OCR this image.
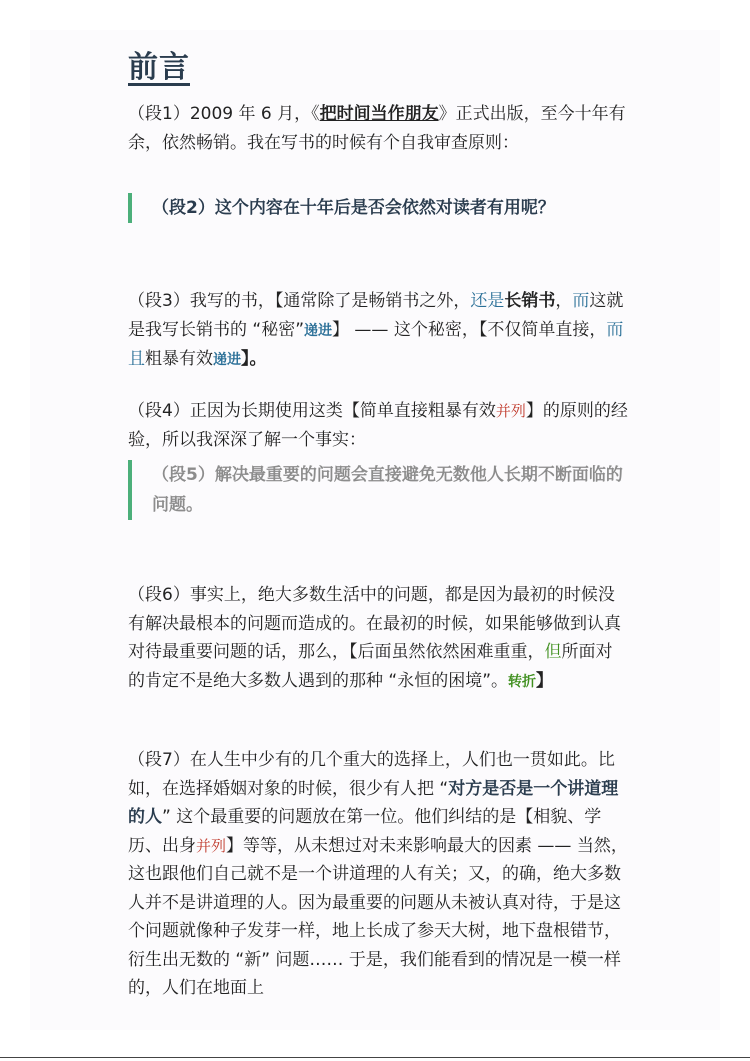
前言
（段1）2009 年 6 月，《把时间当作朋友》正式出版，至今十年有余，依然畅销。我在写书的时候有个自我审查原则：
（段2）这个内容在十年后是否会依然对读者有用呢？
（段3）我写的书，【通常除了是畅销书之外，还是长销书，而这就是我写长销书的 “秘密”递进】 —— 这个秘密，【不仅简单直接，而且粗暴有效递进】。
（段4）正因为长期使用这类【简单直接粗暴有效并列】的原则的经验，所以我深深了解一个事实：
（段5）解决最重要的问题会直接避免无数他人长期不断面临的问题。
（段6）事实上，绝大多数生活中的问题，都是因为最初的时候没有解决最根本的问题而造成的。在最初的时候，如果能够做到认真对待最重要问题的话，那么，【后面虽然依然困难重重，但所面对的肯定不是绝大多数人遇到的那种 “永恒的困境”。转折】
（段7）在人生中少有的几个重大的选择上，人们也一贯如此。比如，在选择婚姻对象的时候，很少有人把 “对方是否是一个讲道理的人” 这个最重要的问题放在第一位。他们纠结的是【相貌、学历、出身并列】等等，从未想过对未来影响最大的因素 —— 当然，这也跟他们自己就不是一个讲道理的人有关；又，的确，绝大多数人并不是讲道理的人。因为最重要的问题从未被认真对待，于是这个问题就像种子发芽一样，地上长成了参天大树，地下盘根错节，衍生出无数的 “新” 问题…… 于是，我们能看到的情况是一模一样的，人们在地面上
